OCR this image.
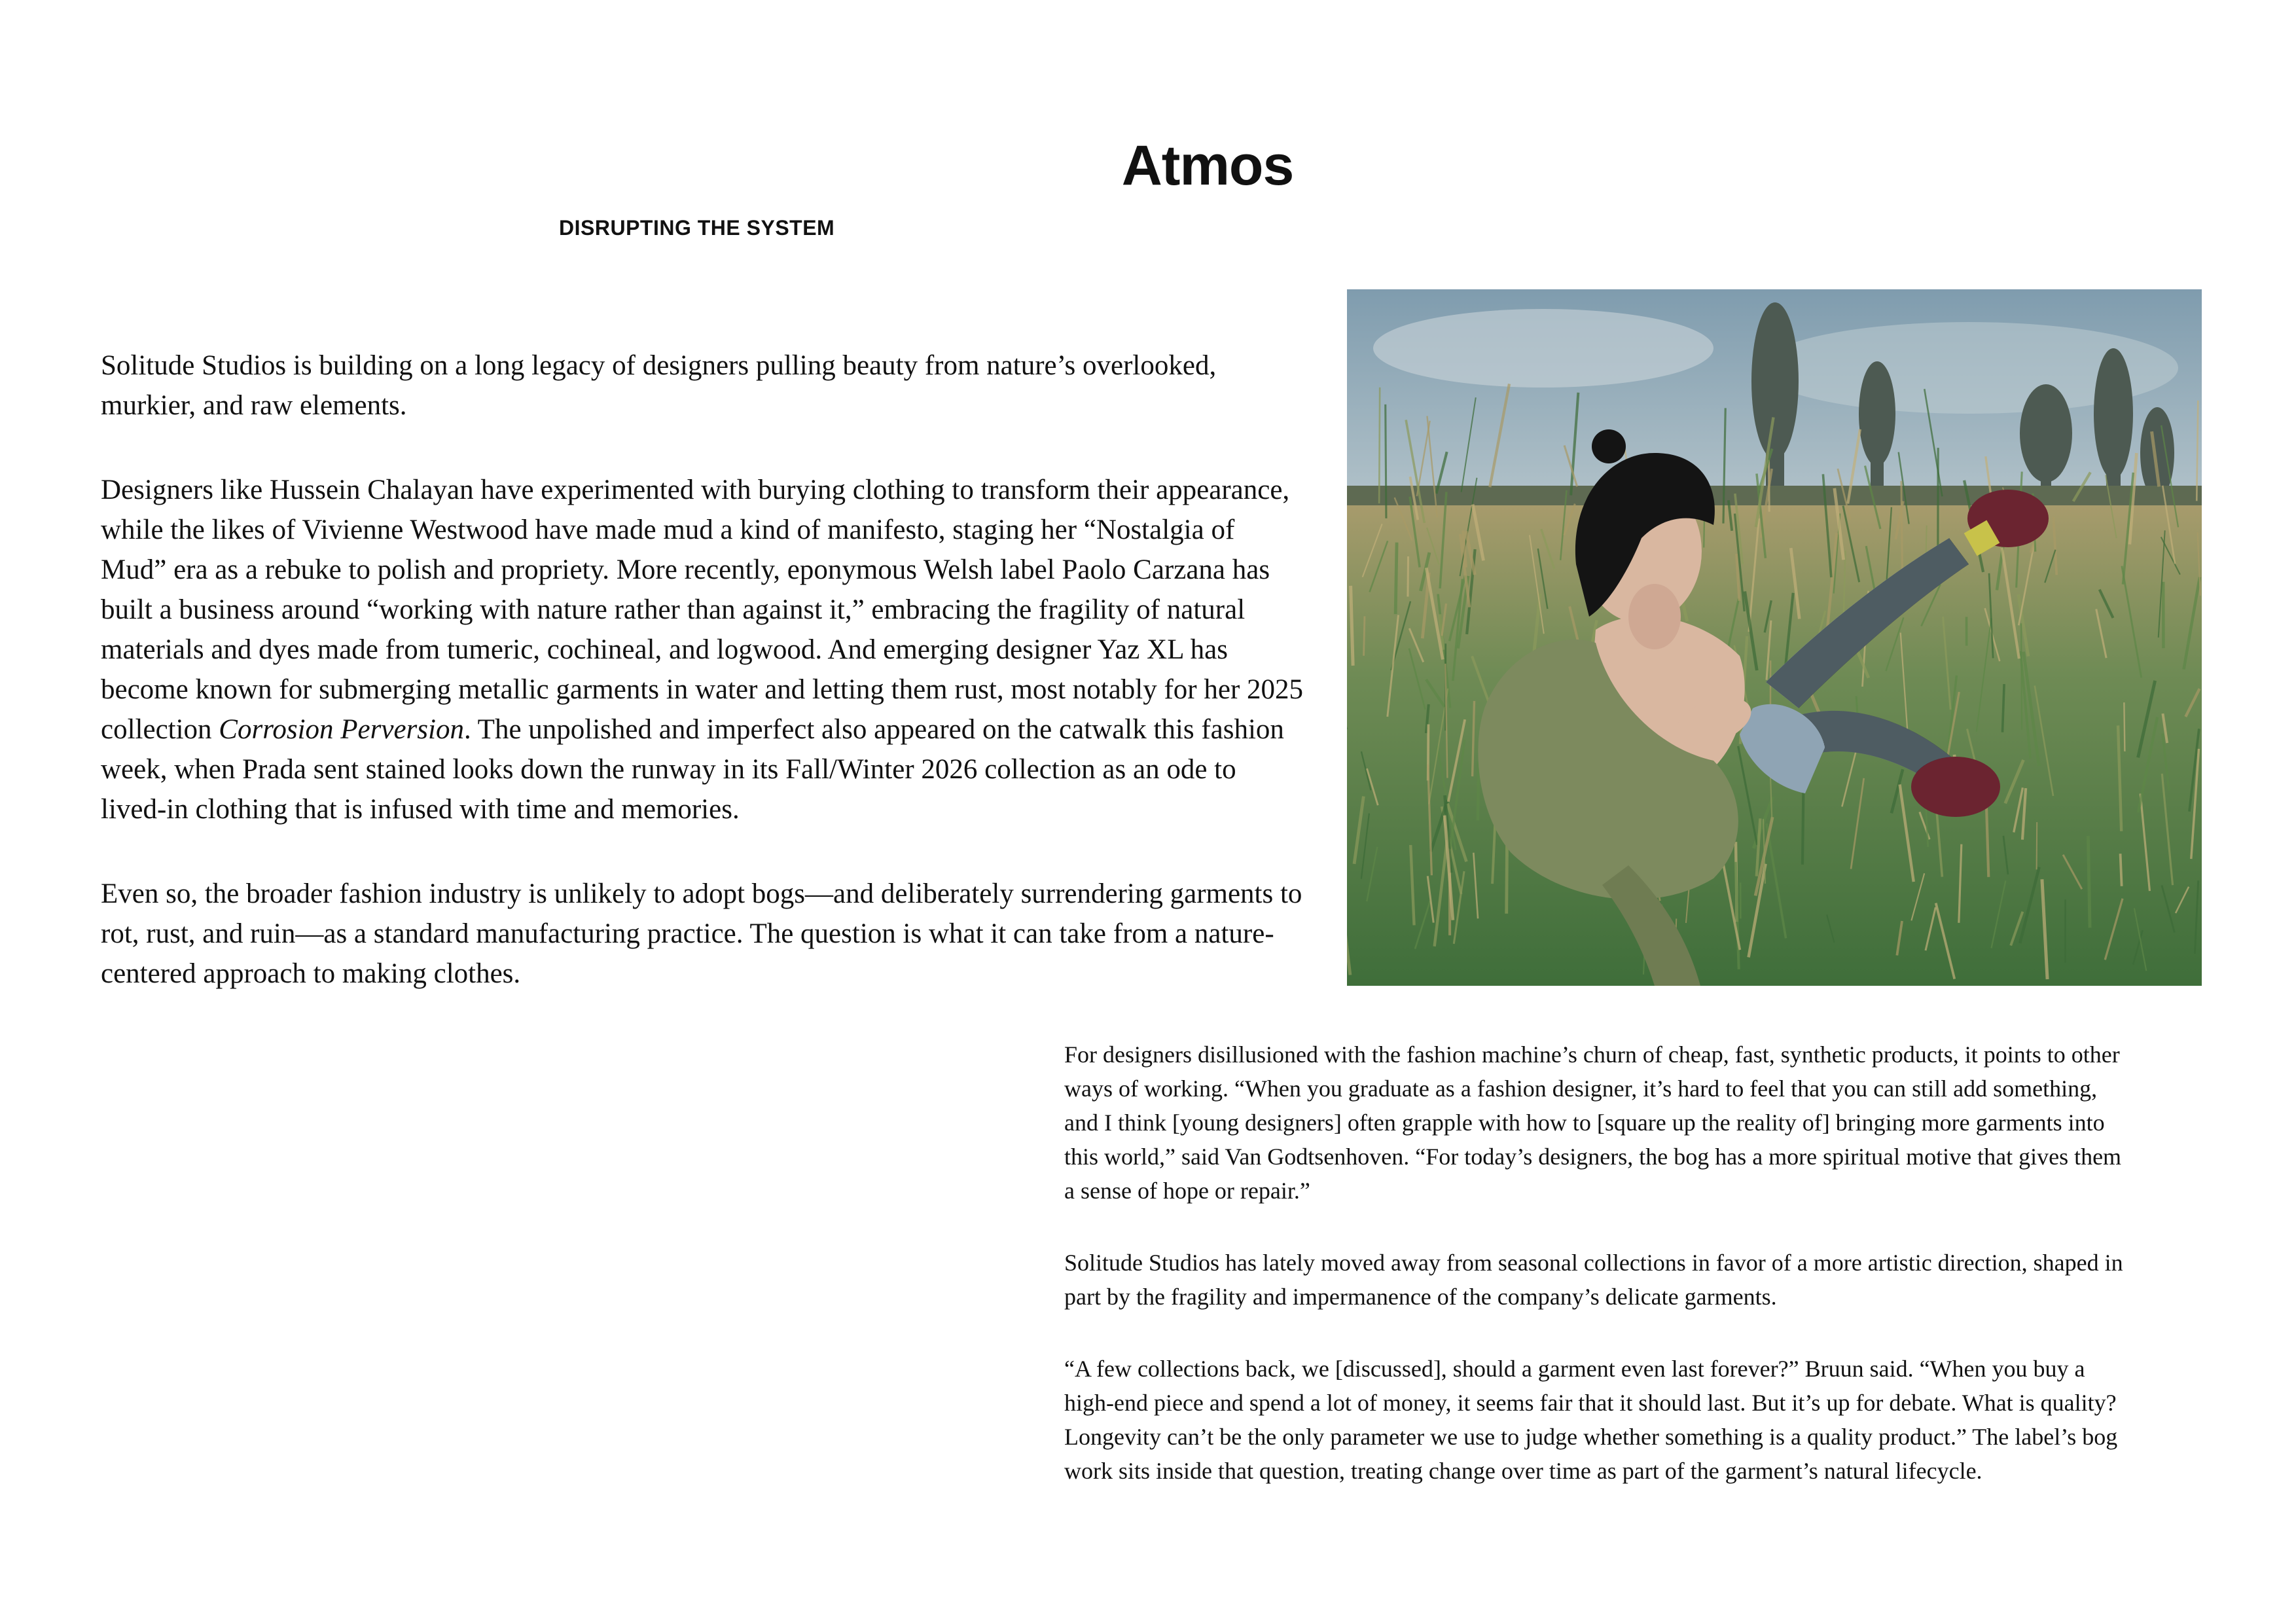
Atmos
DISRUPTING THE SYSTEM

Solitude Studios is building on a long legacy of designers pulling beauty from nature’s overlooked, murkier, and raw elements.

Designers like Hussein Chalayan have experimented with burying clothing to transform their appearance, while the likes of Vivienne Westwood have made mud a kind of manifesto, staging her “Nostalgia of Mud” era as a rebuke to polish and propriety. More recently, eponymous Welsh label Paolo Carzana has built a business around “working with nature rather than against it,” embracing the fragility of natural materials and dyes made from tumeric, cochineal, and logwood. And emerging designer Yaz XL has become known for submerging metallic garments in water and letting them rust, most notably for her 2025 collection Corrosion Perversion. The unpolished and imperfect also appeared on the catwalk this fashion week, when Prada sent stained looks down the runway in its Fall/Winter 2026 collection as an ode to lived-in clothing that is infused with time and memories.

Even so, the broader fashion industry is unlikely to adopt bogs—and deliberately surrendering garments to rot, rust, and ruin—as a standard manufacturing practice. The question is what it can take from a nature-centered approach to making clothes.

For designers disillusioned with the fashion machine’s churn of cheap, fast, synthetic products, it points to other ways of working. “When you graduate as a fashion designer, it’s hard to feel that you can still add something, and I think [young designers] often grapple with how to [square up the reality of] bringing more garments into this world,” said Van Godtsenhoven. “For today’s designers, the bog has a more spiritual motive that gives them a sense of hope or repair.”

Solitude Studios has lately moved away from seasonal collections in favor of a more artistic direction, shaped in part by the fragility and impermanence of the company’s delicate garments.

“A few collections back, we [discussed], should a garment even last forever?” Bruun said. “When you buy a high-end piece and spend a lot of money, it seems fair that it should last. But it’s up for debate. What is quality? Longevity can’t be the only parameter we use to judge whether something is a quality product.” The label’s bog work sits inside that question, treating change over time as part of the garment’s natural lifecycle.
